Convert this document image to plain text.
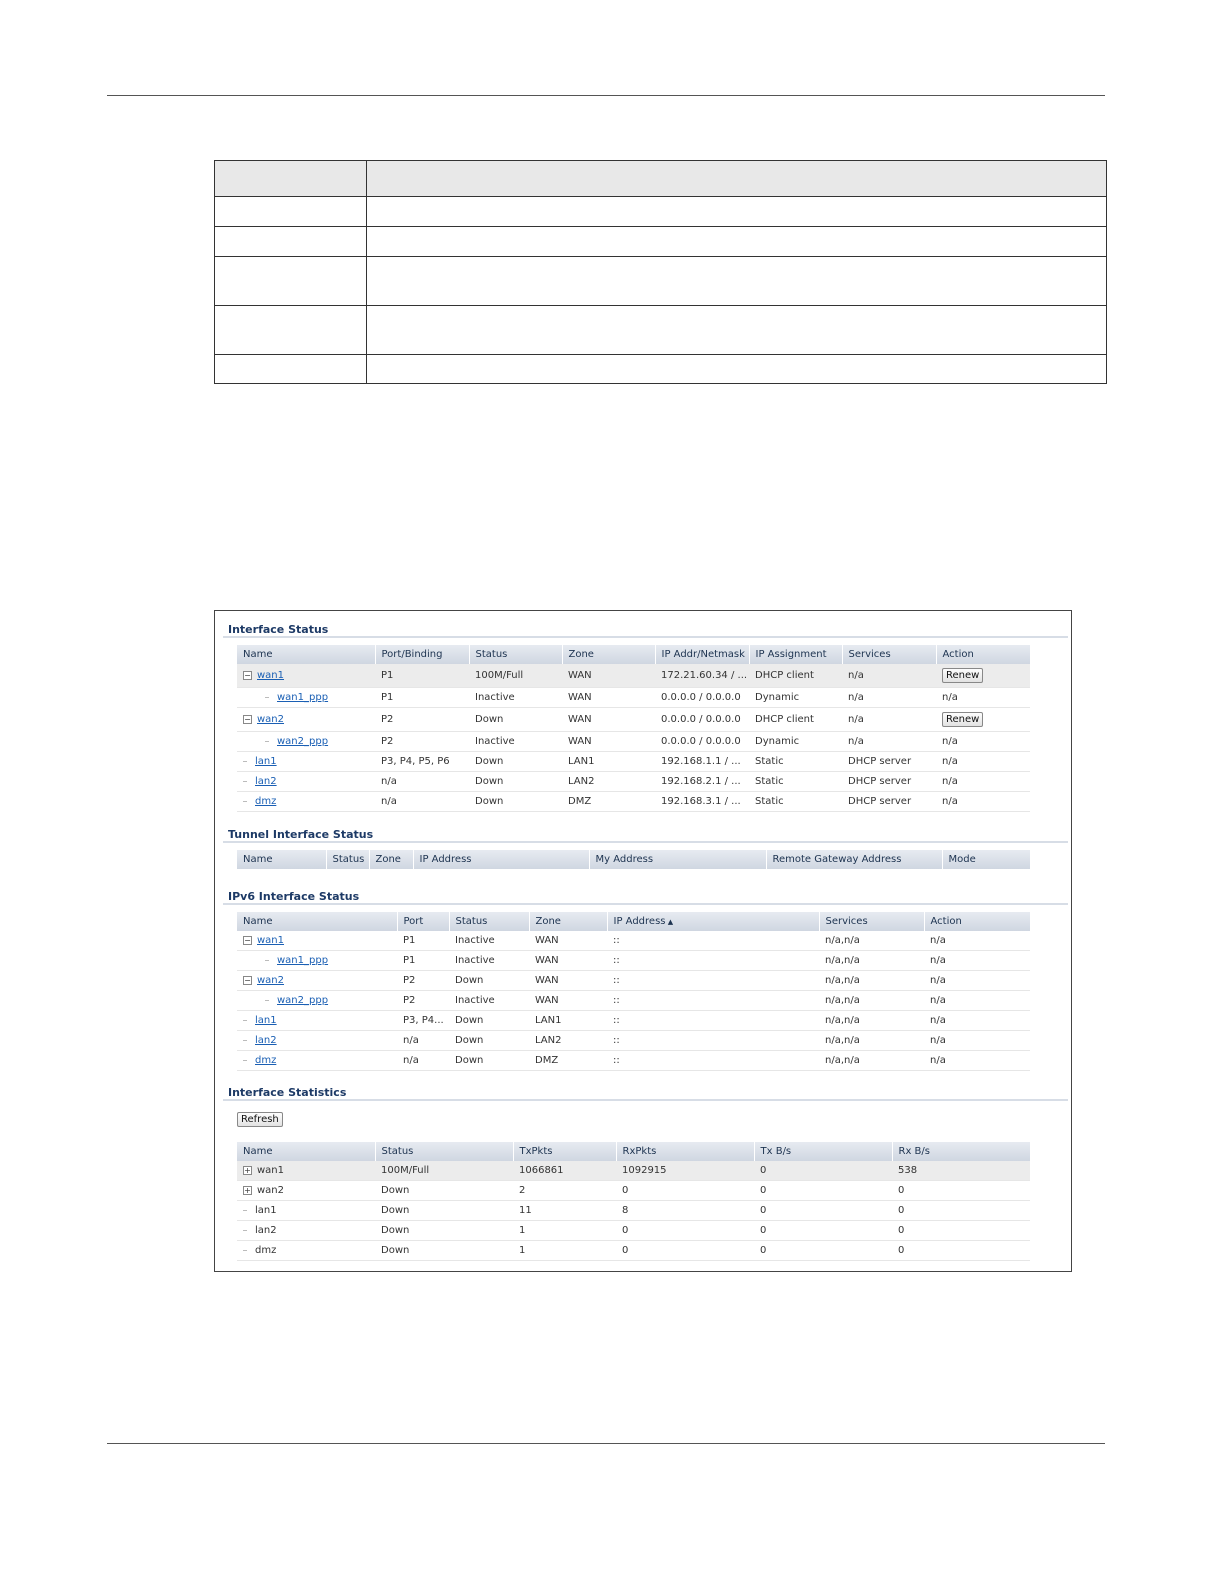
Interface Status
Name	Port/Binding	Status	Zone	IP Addr/Netmask	IP Assignment	Services	Action
− wan1	P1	100M/Full	WAN	172.21.60.34 / ...	DHCP client	n/a	Renew
wan1_ppp	P1	Inactive	WAN	0.0.0.0 / 0.0.0.0	Dynamic	n/a	n/a
− wan2	P2	Down	WAN	0.0.0.0 / 0.0.0.0	DHCP client	n/a	Renew
wan2_ppp	P2	Inactive	WAN	0.0.0.0 / 0.0.0.0	Dynamic	n/a	n/a
lan1	P3, P4, P5, P6	Down	LAN1	192.168.1.1 / ...	Static	DHCP server	n/a
lan2	n/a	Down	LAN2	192.168.2.1 / ...	Static	DHCP server	n/a
dmz	n/a	Down	DMZ	192.168.3.1 / ...	Static	DHCP server	n/a
Tunnel Interface Status
Name	Status	Zone	IP Address	My Address	Remote Gateway Address	Mode
IPv6 Interface Status
Name	Port	Status	Zone	IP Address ▲	Services	Action
− wan1	P1	Inactive	WAN	::	n/a,n/a	n/a
wan1_ppp	P1	Inactive	WAN	::	n/a,n/a	n/a
− wan2	P2	Down	WAN	::	n/a,n/a	n/a
wan2_ppp	P2	Inactive	WAN	::	n/a,n/a	n/a
lan1	P3, P4...	Down	LAN1	::	n/a,n/a	n/a
lan2	n/a	Down	LAN2	::	n/a,n/a	n/a
dmz	n/a	Down	DMZ	::	n/a,n/a	n/a
Interface Statistics
Refresh
Name	Status	TxPkts	RxPkts	Tx B/s	Rx B/s
+ wan1	100M/Full	1066861	1092915	0	538
+ wan2	Down	2	0	0	0
lan1	Down	11	8	0	0
lan2	Down	1	0	0	0
dmz	Down	1	0	0	0
